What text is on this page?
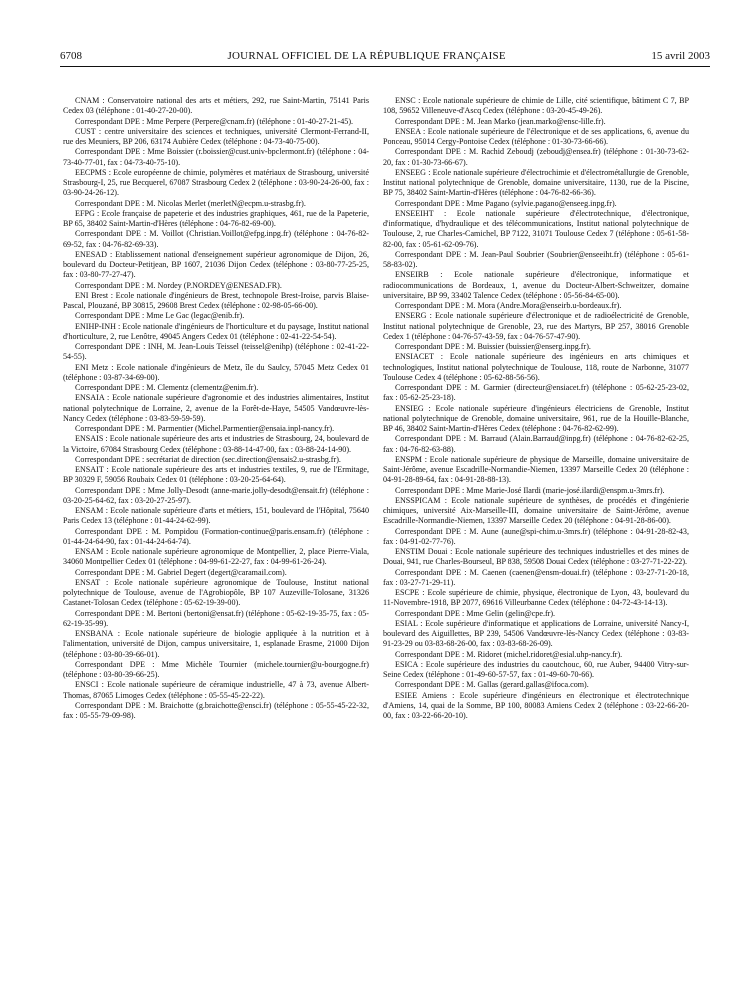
6708	JOURNAL OFFICIEL DE LA RÉPUBLIQUE FRANÇAISE	15 avril 2003

CNAM : Conservatoire national des arts et métiers, 292, rue Saint-Martin, 75141 Paris Cedex 03 (téléphone : 01-40-27-20-00).

Correspondant DPE : Mme Perpere (Perpere@cnam.fr) (téléphone : 01-40-27-21-45).

CUST : centre universitaire des sciences et techniques, université Clermont-Ferrand-II, rue des Meuniers, BP 206, 63174 Aubière Cedex (téléphone : 04-73-40-75-00).

Correspondant DPE : Mme Boissier (r.boissier@cust.univ-bpclermont.fr) (téléphone : 04-73-40-77-01, fax : 04-73-40-75-10).

EECPMS : Ecole européenne de chimie, polymères et matériaux de Strasbourg, université Strasbourg-I, 25, rue Becquerel, 67087 Strasbourg Cedex 2 (téléphone : 03-90-24-26-00, fax : 03-90-24-26-12).

Correspondant DPE : M. Nicolas Merlet (merletN@ecpm.u-strasbg.fr).

EFPG : Ecole française de papeterie et des industries graphiques, 461, rue de la Papeterie, BP 65, 38402 Saint-Martin-d'Hères (téléphone : 04-76-82-69-00).

Correspondant DPE : M. Voillot (Christian.Voillot@efpg.inpg.fr) (téléphone : 04-76-82-69-52, fax : 04-76-82-69-33).

ENESAD : Etablissement national d'enseignement supérieur agronomique de Dijon, 26, boulevard du Docteur-Petitjean, BP 1607, 21036 Dijon Cedex (téléphone : 03-80-77-25-25, fax : 03-80-77-27-47).

Correspondant DPE : M. Nordey (P.NORDEY@ENESAD.FR).

ENI Brest : Ecole nationale d'ingénieurs de Brest, technopole Brest-Iroise, parvis Blaise-Pascal, Plouzané, BP 30815, 29608 Brest Cedex (téléphone : 02-98-05-66-00).

Correspondant DPE : Mme Le Gac (legac@enib.fr).

ENIHP-INH : Ecole nationale d'ingénieurs de l'horticulture et du paysage, Institut national d'horticulture, 2, rue Lenôtre, 49045 Angers Cedex 01 (téléphone : 02-41-22-54-54).

Correspondant DPE : INH, M. Jean-Louis Teissel (teissel@enihp) (téléphone : 02-41-22-54-55).

ENI Metz : Ecole nationale d'ingénieurs de Metz, île du Saulcy, 57045 Metz Cedex 01 (téléphone : 03-87-34-69-00).

Correspondant DPE : M. Clementz (clementz@enim.fr).

ENSAIA : Ecole nationale supérieure d'agronomie et des industries alimentaires, Institut national polytechnique de Lorraine, 2, avenue de la Forêt-de-Haye, 54505 Vandœuvre-lès-Nancy Cedex (téléphone : 03-83-59-59-59).

Correspondant DPE : M. Parmentier (Michel.Parmentier@ensaia.inpl-nancy.fr).

ENSAIS : Ecole nationale supérieure des arts et industries de Strasbourg, 24, boulevard de la Victoire, 67084 Strasbourg Cedex (téléphone : 03-88-14-47-00, fax : 03-88-24-14-90).

Correspondant DPE : secrétariat de direction (sec.direction@ensais2.u-strasbg.fr).

ENSAIT : Ecole nationale supérieure des arts et industries textiles, 9, rue de l'Ermitage, BP 30329 F, 59056 Roubaix Cedex 01 (téléphone : 03-20-25-64-64).

Correspondant DPE : Mme Jolly-Desodt (anne-marie.jolly-desodt@ensait.fr) (téléphone : 03-20-25-64-62, fax : 03-20-27-25-97).

ENSAM : Ecole nationale supérieure d'arts et métiers, 151, boulevard de l'Hôpital, 75640 Paris Cedex 13 (téléphone : 01-44-24-62-99).

Correspondant DPE : M. Pompidou (Formation-continue@paris.ensam.fr) (téléphone : 01-44-24-64-90, fax : 01-44-24-64-74).

ENSAM : Ecole nationale supérieure agronomique de Montpellier, 2, place Pierre-Viala, 34060 Montpellier Cedex 01 (téléphone : 04-99-61-22-27, fax : 04-99-61-26-24).

Correspondant DPE : M. Gabriel Degert (degert@caramail.com).

ENSAT : Ecole nationale supérieure agronomique de Toulouse, Institut national polytechnique de Toulouse, avenue de l'Agrobiopôle, BP 107 Auzeville-Tolosane, 31326 Castanet-Tolosan Cedex (téléphone : 05-62-19-39-00).

Correspondant DPE : M. Bertoni (bertoni@ensat.fr) (téléphone : 05-62-19-35-75, fax : 05-62-19-35-99).

ENSBANA : Ecole nationale supérieure de biologie appliquée à la nutrition et à l'alimentation, université de Dijon, campus universitaire, 1, esplanade Erasme, 21000 Dijon (téléphone : 03-80-39-66-01).

Correspondant DPE : Mme Michèle Tournier (michele.tournier@u-bourgogne.fr) (téléphone : 03-80-39-66-25).

ENSCI : Ecole nationale supérieure de céramique industrielle, 47 à 73, avenue Albert-Thomas, 87065 Limoges Cedex (téléphone : 05-55-45-22-22).

Correspondant DPE : M. Braichotte (g.braichotte@ensci.fr) (téléphone : 05-55-45-22-32, fax : 05-55-79-09-98).

ENSC : Ecole nationale supérieure de chimie de Lille, cité scientifique, bâtiment C 7, BP 108, 59652 Villeneuve-d'Ascq Cedex (téléphone : 03-20-45-49-26).

Correspondant DPE : M. Jean Marko (jean.marko@ensc-lille.fr).

ENSEA : Ecole nationale supérieure de l'électronique et de ses applications, 6, avenue du Ponceau, 95014 Cergy-Pontoise Cedex (téléphone : 01-30-73-66-66).

Correspondant DPE : M. Rachid Zeboudj (zeboudj@ensea.fr) (téléphone : 01-30-73-62-20, fax : 01-30-73-66-67).

ENSEEG : Ecole nationale supérieure d'électrochimie et d'électrométallurgie de Grenoble, Institut national polytechnique de Grenoble, domaine universitaire, 1130, rue de la Piscine, BP 75, 38402 Saint-Martin-d'Hères (téléphone : 04-76-82-66-36).

Correspondant DPE : Mme Pagano (sylvie.pagano@enseeg.inpg.fr).

ENSEEIHT : Ecole nationale supérieure d'électrotechnique, d'électronique, d'informatique, d'hydraulique et des télécommunications, Institut national polytechnique de Toulouse, 2, rue Charles-Camichel, BP 7122, 31071 Toulouse Cedex 7 (téléphone : 05-61-58-82-00, fax : 05-61-62-09-76).

Correspondant DPE : M. Jean-Paul Soubrier (Soubrier@enseeiht.fr) (téléphone : 05-61-58-83-02).

ENSEIRB : Ecole nationale supérieure d'électronique, informatique et radiocommunications de Bordeaux, 1, avenue du Docteur-Albert-Schweitzer, domaine universitaire, BP 99, 33402 Talence Cedex (téléphone : 05-56-84-65-00).

Correspondant DPE : M. Mora (Andre.Mora@enseirb.u-bordeaux.fr).

ENSERG : Ecole nationale supérieure d'électronique et de radioélectricité de Grenoble, Institut national polytechnique de Grenoble, 23, rue des Martyrs, BP 257, 38016 Grenoble Cedex 1 (téléphone : 04-76-57-43-59, fax : 04-76-57-47-90).

Correspondant DPE : M. Buissier (buissier@enserg.inpg.fr).

ENSIACET : Ecole nationale supérieure des ingénieurs en arts chimiques et technologiques, Institut national polytechnique de Toulouse, 118, route de Narbonne, 31077 Toulouse Cedex 4 (téléphone : 05-62-88-56-56).

Correspondant DPE : M. Garmier (directeur@ensiacet.fr) (téléphone : 05-62-25-23-02, fax : 05-62-25-23-18).

ENSIEG : Ecole nationale supérieure d'ingénieurs électriciens de Grenoble, Institut national polytechnique de Grenoble, domaine universitaire, 961, rue de la Houille-Blanche, BP 46, 38402 Saint-Martin-d'Hères Cedex (téléphone : 04-76-82-62-99).

Correspondant DPE : M. Barraud (Alain.Barraud@inpg.fr) (téléphone : 04-76-82-62-25, fax : 04-76-82-63-88).

ENSPM : Ecole nationale supérieure de physique de Marseille, domaine universitaire de Saint-Jérôme, avenue Escadrille-Normandie-Niemen, 13397 Marseille Cedex 20 (téléphone : 04-91-28-89-64, fax : 04-91-28-88-13).

Correspondant DPE : Mme Marie-José Ilardi (marie-josé.ilardi@enspm.u-3mrs.fr).

ENSSPICAM : Ecole nationale supérieure de synthèses, de procédés et d'ingénierie chimiques, université Aix-Marseille-III, domaine universitaire de Saint-Jérôme, avenue Escadrille-Normandie-Niemen, 13397 Marseille Cedex 20 (téléphone : 04-91-28-86-00).

Correspondant DPE : M. Aune (aune@spi-chim.u-3mrs.fr) (téléphone : 04-91-28-82-43, fax : 04-91-02-77-76).

ENSTIM Douai : Ecole nationale supérieure des techniques industrielles et des mines de Douai, 941, rue Charles-Bourseul, BP 838, 59508 Douai Cedex (téléphone : 03-27-71-22-22).

Correspondant DPE : M. Caenen (caenen@ensm-douai.fr) (téléphone : 03-27-71-20-18, fax : 03-27-71-29-11).

ESCPE : Ecole supérieure de chimie, physique, électronique de Lyon, 43, boulevard du 11-Novembre-1918, BP 2077, 69616 Villeurbanne Cedex (téléphone : 04-72-43-14-13).

Correspondant DPE : Mme Gelin (gelin@cpe.fr).

ESIAL : Ecole supérieure d'informatique et applications de Lorraine, université Nancy-I, boulevard des Aiguillettes, BP 239, 54506 Vandœuvre-lès-Nancy Cedex (téléphone : 03-83-91-23-29 ou 03-83-68-26-00, fax : 03-83-68-26-09).

Correspondant DPE : M. Ridoret (michel.ridoret@esial.uhp-nancy.fr).

ESICA : Ecole supérieure des industries du caoutchouc, 60, rue Auber, 94400 Vitry-sur-Seine Cedex (téléphone : 01-49-60-57-57, fax : 01-49-60-70-66).

Correspondant DPE : M. Gallas (gerard.gallas@ifoca.com).

ESIEE Amiens : Ecole supérieure d'ingénieurs en électronique et électrotechnique d'Amiens, 14, quai de la Somme, BP 100, 80083 Amiens Cedex 2 (téléphone : 03-22-66-20-00, fax : 03-22-66-20-10).
